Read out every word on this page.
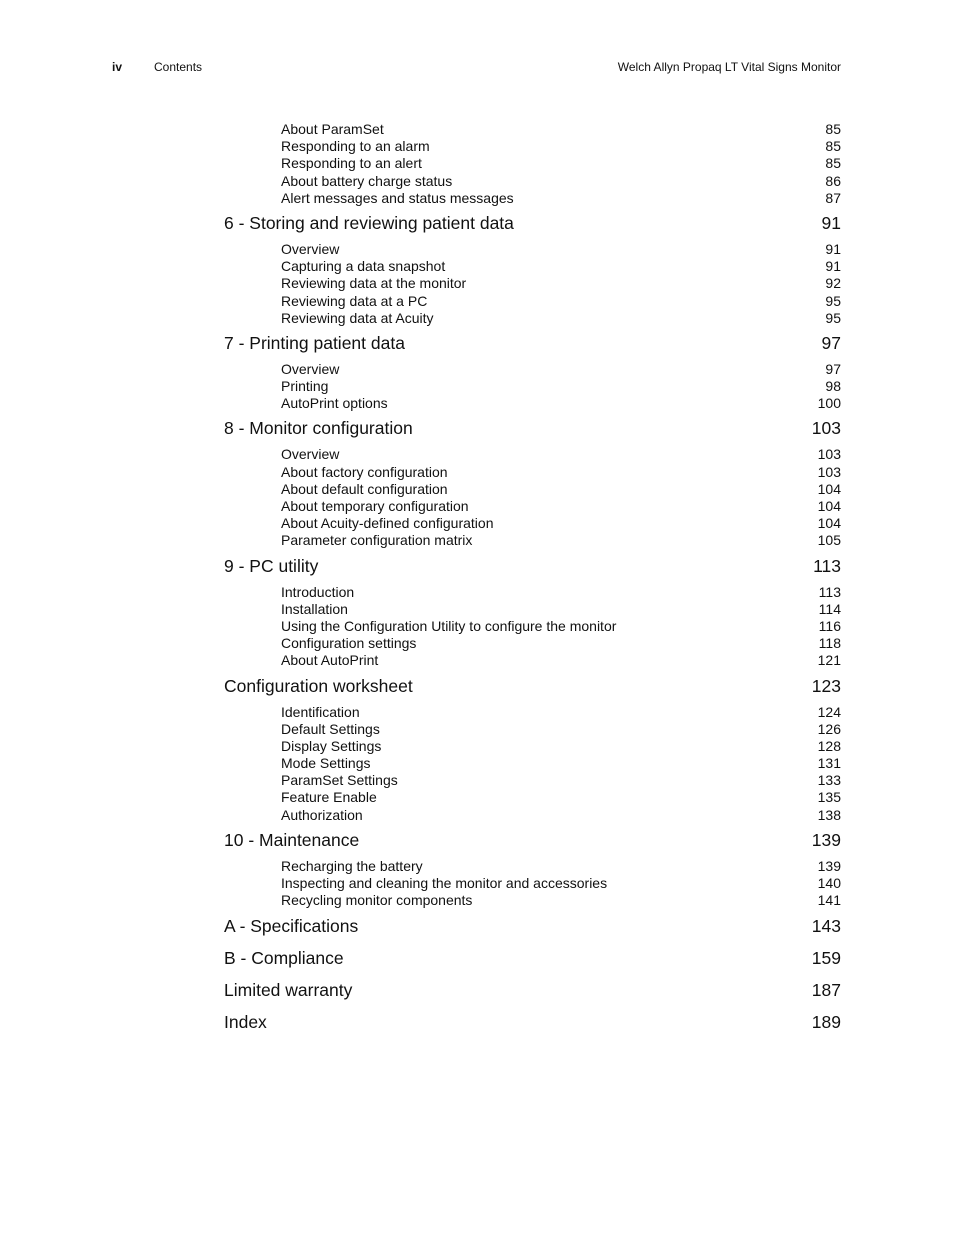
iv	Contents	Welch Allyn Propaq LT Vital Signs Monitor
About ParamSet	85
Responding to an alarm	85
Responding to an alert	85
About battery charge status	86
Alert messages and status messages	87
6 - Storing and reviewing patient data	91
Overview	91
Capturing a data snapshot	91
Reviewing data at the monitor	92
Reviewing data at a PC	95
Reviewing data at Acuity	95
7 - Printing patient data	97
Overview	97
Printing	98
AutoPrint options	100
8 - Monitor configuration	103
Overview	103
About factory configuration	103
About default configuration	104
About temporary configuration	104
About Acuity-defined configuration	104
Parameter configuration matrix	105
9 - PC utility	113
Introduction	113
Installation	114
Using the Configuration Utility to configure the monitor	116
Configuration settings	118
About AutoPrint	121
Configuration worksheet	123
Identification	124
Default Settings	126
Display Settings	128
Mode Settings	131
ParamSet Settings	133
Feature Enable	135
Authorization	138
10 - Maintenance	139
Recharging the battery	139
Inspecting and cleaning the monitor and accessories	140
Recycling monitor components	141
A - Specifications	143
B - Compliance	159
Limited warranty	187
Index	189
